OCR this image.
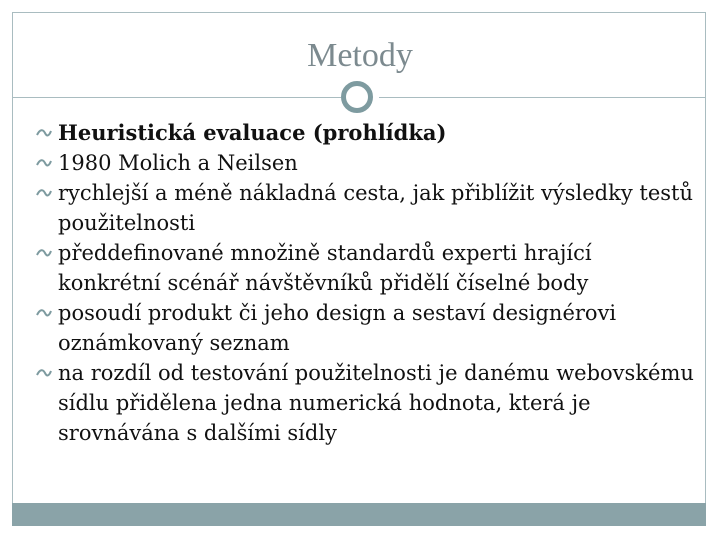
Metody
Heuristická evaluace (prohlídka)
1980 Molich a Neilsen
rychlejší a méně nákladná cesta, jak přiblížit výsledky testů použitelnosti
předdefinované množině standardů experti hrající konkrétní scénář návštěvníků přidělí číselné body
posoudí produkt či jeho design a sestaví designérovi oznámkovaný seznam
na rozdíl od testování použitelnosti je danému webovskému sídlu přidělena jedna numerická hodnota, která je srovnávána s dalšími sídly
